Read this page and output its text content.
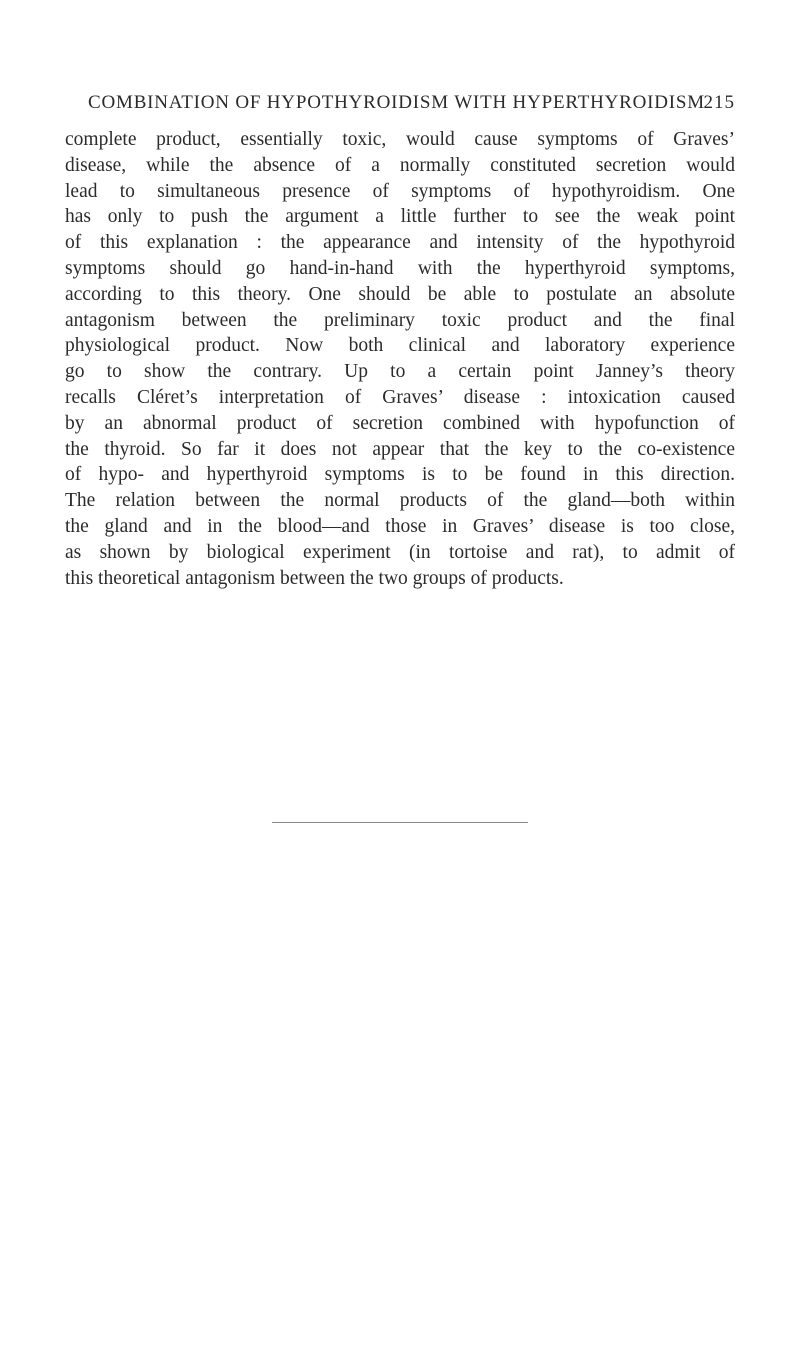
COMBINATION OF HYPOTHYROIDISM WITH HYPERTHYROIDISM
215
complete product, essentially toxic, would cause symptoms of Graves’
disease, while the absence of a normally constituted secretion would
lead to simultaneous presence of symptoms of hypothyroidism. One
has only to push the argument a little further to see the weak point
of this explanation : the appearance and intensity of the hypothyroid
symptoms should go hand-in-hand with the hyperthyroid symptoms,
according to this theory. One should be able to postulate an absolute
antagonism between the preliminary toxic product and the final
physiological product. Now both clinical and laboratory experience
go to show the contrary. Up to a certain point Janney’s theory
recalls Cléret’s interpretation of Graves’ disease : intoxication caused
by an abnormal product of secretion combined with hypofunction of
the thyroid. So far it does not appear that the key to the co-existence
of hypo- and hyperthyroid symptoms is to be found in this direction.
The relation between the normal products of the gland—both within
the gland and in the blood—and those in Graves’ disease is too close,
as shown by biological experiment (in tortoise and rat), to admit of
this theoretical antagonism between the two groups of products.
